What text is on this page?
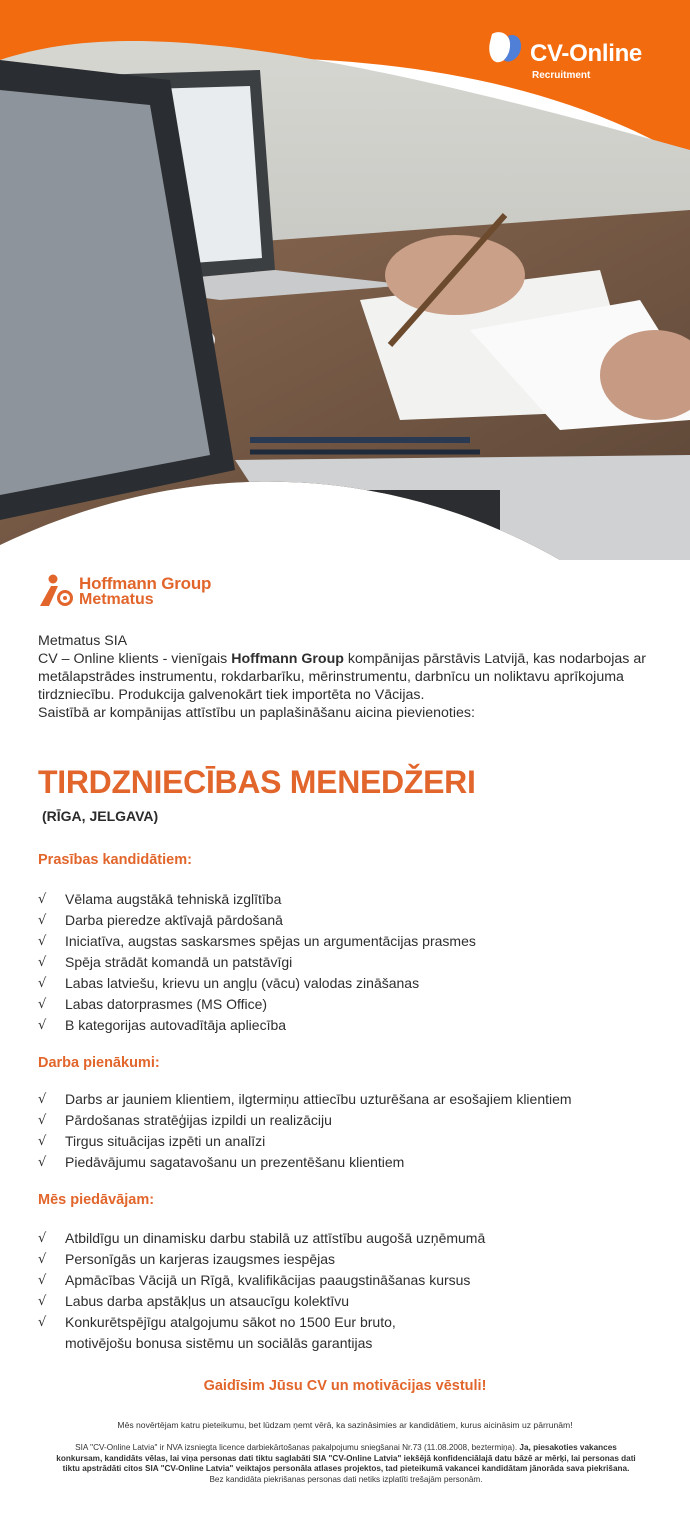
CV-Online
Recruitment
Hoffmann Group
Metmatus

Metmatus SIA

CV – Online klients - vienīgais Hoffmann Group kompānijas pārstāvis Latvijā, kas nodarbojas ar metālapstrādes instrumentu, rokdarbarīku, mērinstrumentu, darbnīcu un noliktavu aprīkojuma tirdzniecību. Produkcija galvenokārt tiek importēta no Vācijas.

Saistībā ar kompānijas attīstību un paplašināšanu aicina pievienoties:

TIRDZNIECĪBAS MENEDŽERI
(RĪGA, JELGAVA)
Prasības kandidātiem:
√ Vēlama augstākā tehniskā izglītība
√ Darba pieredze aktīvajā pārdošanā
√ Iniciatīva, augstas saskarsmes spējas un argumentācijas prasmes
√ Spēja strādāt komandā un patstāvīgi
√ Labas latviešu, krievu un angļu (vācu) valodas zināšanas
√ Labas datorprasmes (MS Office)
√ B kategorijas autovadītāja apliecība
Darba pienākumi:
√ Darbs ar jauniem klientiem, ilgtermiņu attiecību uzturēšana ar esošajiem klientiem
√ Pārdošanas stratēģijas izpildi un realizāciju
√ Tirgus situācijas izpēti un analīzi
√ Piedāvājumu sagatavošanu un prezentēšanu klientiem
Mēs piedāvājam:
√ Atbildīgu un dinamisku darbu stabilā uz attīstību augošā uzņēmumā
√ Personīgās un karjeras izaugsmes iespējas
√ Apmācības Vācijā un Rīgā, kvalifikācijas paaugstināšanas kursus
√ Labus darba apstākļus un atsaucīgu kolektīvu
√ Konkurētspējīgu atalgojumu sākot no 1500 Eur bruto,
motivējošu bonusa sistēmu un sociālās garantijas
Gaidīsim Jūsu CV un motivācijas vēstuli!
Mēs novērtējam katru pieteikumu, bet lūdzam ņemt vērā, ka sazināsimies ar kandidātiem, kurus aicināsim uz pārrunām!
SIA "CV-Online Latvia" ir NVA izsniegta licence darbiekārtošanas pakalpojumu sniegšanai Nr.73 (11.08.2008, beztermiņa). Ja, piesakoties vakances konkursam, kandidāts vēlas, lai viņa personas dati tiktu saglabāti SIA "CV-Online Latvia" iekšējā konfidenciālajā datu bāzē ar mērķi, lai personas dati tiktu apstrādāti citos SIA "CV-Online Latvia" veiktajos personāla atlases projektos, tad pieteikumā vakancei kandidātam jānorāda sava piekrišana. Bez kandidāta piekrišanas personas dati netiks izplatīti trešajām personām.
